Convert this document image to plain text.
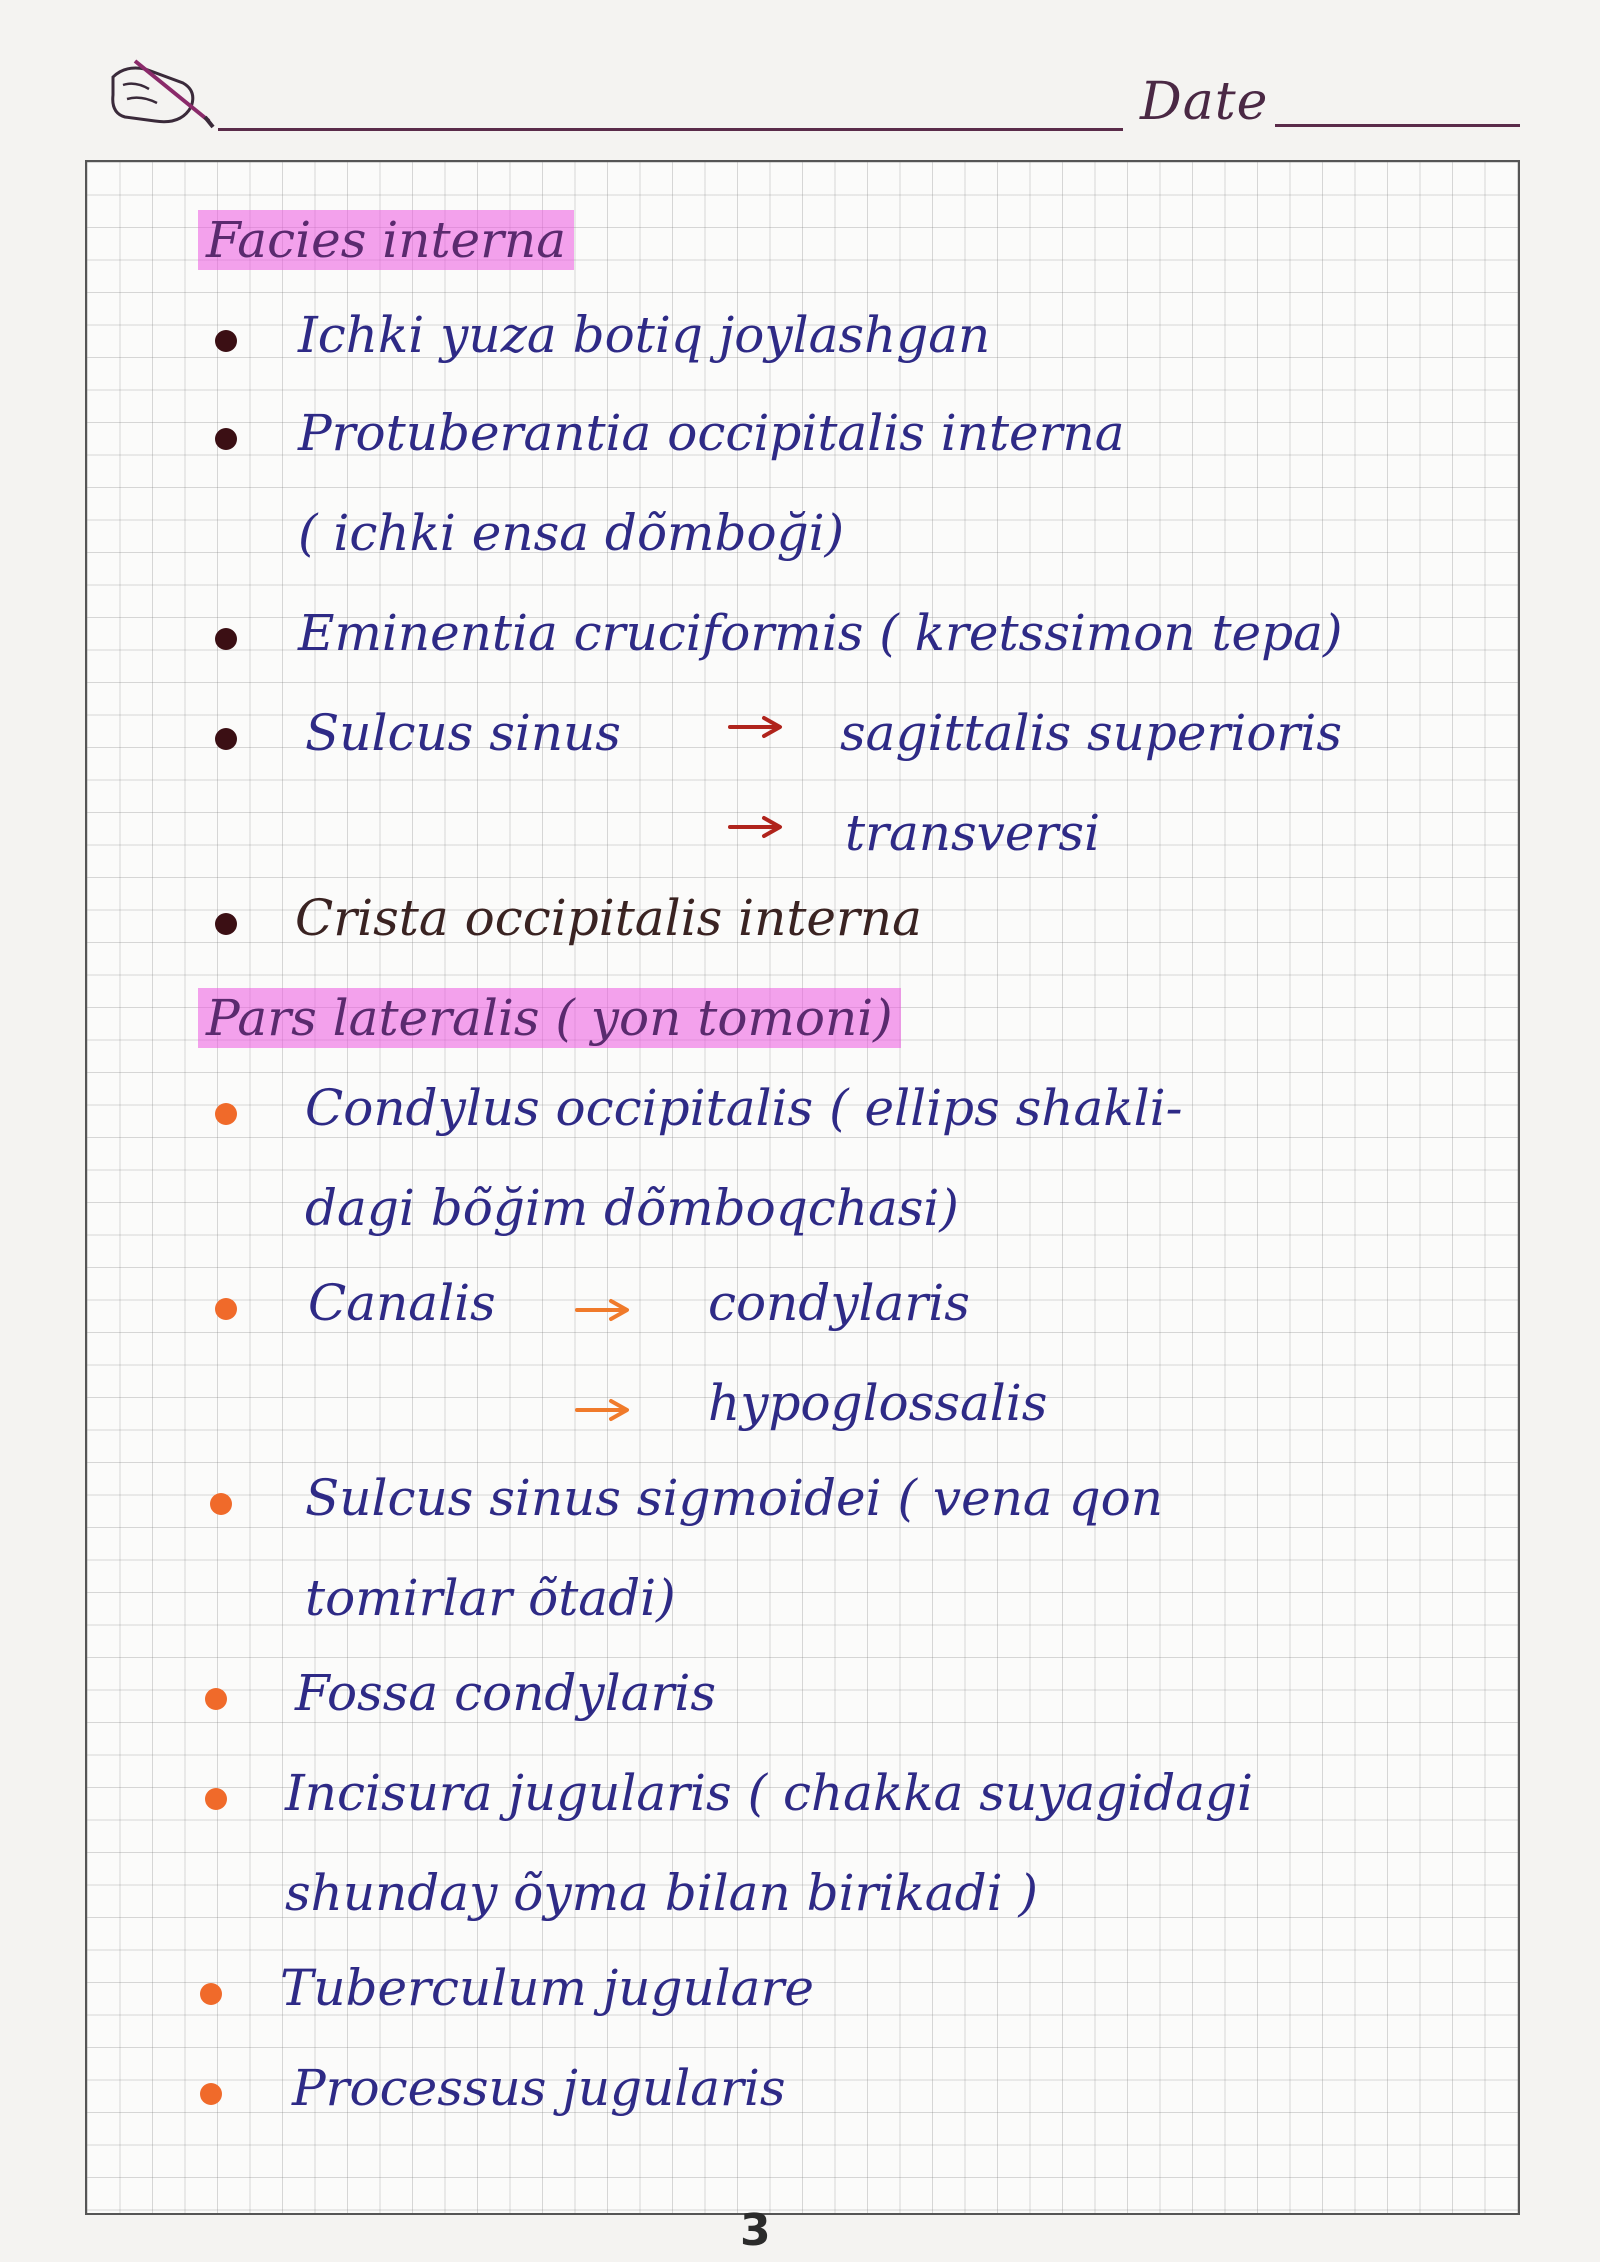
Date
Facies interna
Ichki yuza botiq joylashgan
Protuberantia occipitalis interna
( ichki ensa dõmboği)
Eminentia cruciformis ( kretssimon tepa)
Sulcus sinus	sagittalis superioris
transversi
Crista occipitalis interna
Pars lateralis ( yon tomoni)
Condylus occipitalis ( ellips shakli-
dagi bõğim dõmboqchasi)
Canalis	condylaris
hypoglossalis
Sulcus sinus sigmoidei ( vena qon
tomirlar õtadi)
Fossa condylaris
Incisura jugularis ( chakka suyagidagi
shunday õyma bilan birikadi )
Tuberculum jugulare
Processus jugularis
3
